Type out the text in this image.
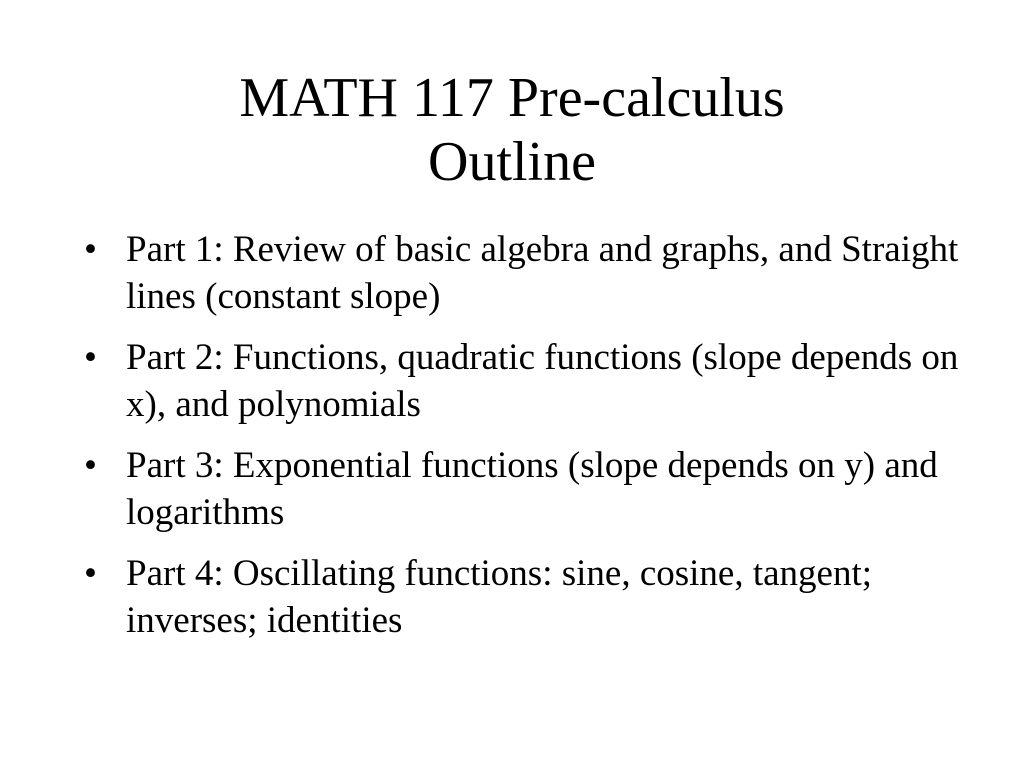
MATH 117 Pre-calculus
Outline
• Part 1: Review of basic algebra and graphs, and Straight lines (constant slope)
• Part 2: Functions, quadratic functions (slope depends on x), and polynomials
• Part 3: Exponential functions (slope depends on y) and logarithms
• Part 4: Oscillating functions: sine, cosine, tangent; inverses; identities
